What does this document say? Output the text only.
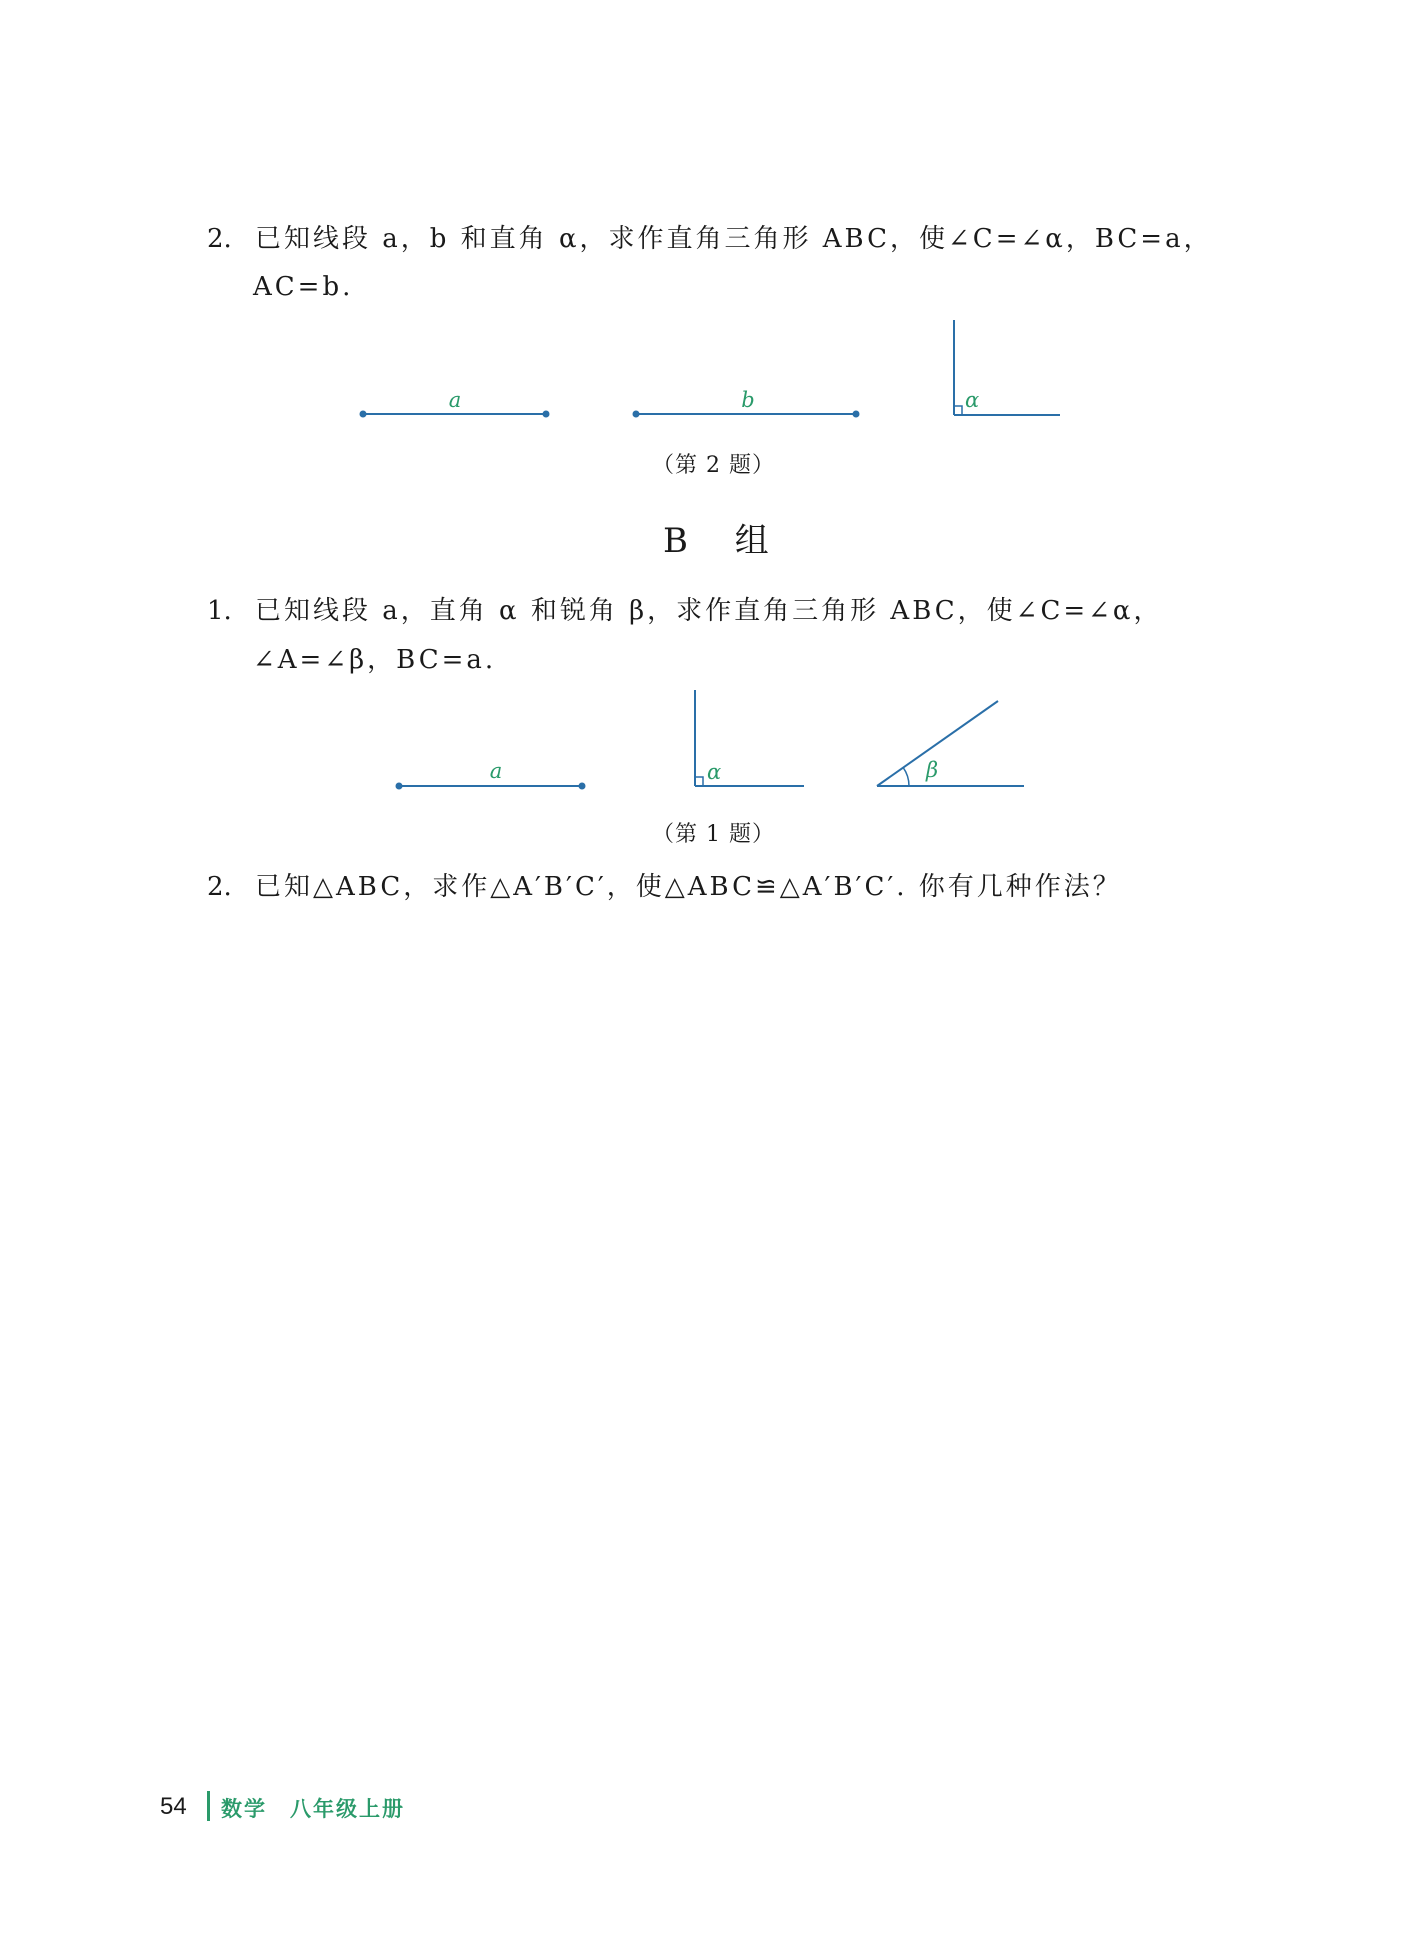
2. 已知线段 a，b 和直角 α，求作直角三角形 ABC，使∠C=∠α，BC=a，
AC=b.
a	b	α
（第 2 题）
B 组
1. 已知线段 a，直角 α 和锐角 β，求作直角三角形 ABC，使∠C=∠α，
∠A=∠β，BC=a.
a	α	β
（第 1 题）
2. 已知△ABC，求作△A′B′C′，使△ABC≌△A′B′C′. 你有几种作法？
54 数学　八年级上册
